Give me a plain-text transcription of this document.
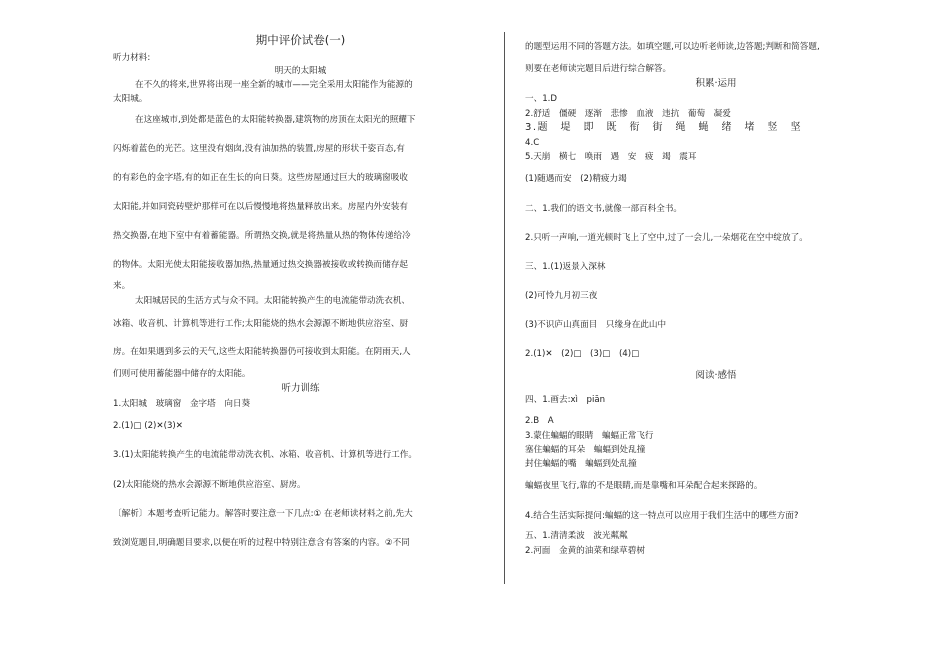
期中评价试卷(一)
听力材料:
明天的太阳城
在不久的将来,世界将出现一座全新的城市——完全采用太阳能作为能源的
太阳城。
在这座城市,到处都是蓝色的太阳能转换器,建筑物的房顶在太阳光的照耀下
闪烁着蓝色的光芒。这里没有烟囱,没有油加热的装置,房屋的形状千姿百态,有
的有彩色的金字塔,有的如正在生长的向日葵。这些房屋通过巨大的玻璃窗吸收
太阳能,并如同瓷砖壁炉那样可在以后慢慢地将热量释放出来。房屋内外安装有
热交换器,在地下室中有着蓄能器。所谓热交换,就是将热量从热的物体传递给冷
的物体。太阳光使太阳能接收器加热,热量通过热交换器被接收或转换而储存起
来。
太阳城居民的生活方式与众不同。太阳能转换产生的电流能带动洗衣机、
冰箱、收音机、计算机等进行工作;太阳能烧的热水会源源不断地供应浴室、厨
房。在如果遇到多云的天气,这些太阳能转换器仍可接收到太阳能。在阴雨天,人
们则可使用蓄能器中储存的太阳能。
听力训练
1.太阳城　玻璃窗　金字塔　向日葵
2.(1)□ (2)✕(3)✕
3.(1)太阳能转换产生的电流能带动洗衣机、冰箱、收音机、计算机等进行工作。
(2)太阳能烧的热水会源源不断地供应浴室、厨房。
〔解析〕本题考查听记能力。解答时要注意一下几点:① 在老师读材料之前,先大
致浏览题目,明确题目要求,以便在听的过程中特别注意含有答案的内容。②不同
的题型运用不同的答题方法。如填空题,可以边听老师读,边答题;判断和简答题,
则要在老师读完题目后进行综合解答。
积累·运用
一、1.D
2.舒适　僵硬　逐渐　悲惨　血液　违抗　葡萄　凝爱
3.题　堤　即　既　衔　街　绳　蝇　绪　堵　竖　坚
4.C
5.天崩　横七　唤雨　遇　安　疲　竭　震耳
(1)随遇而安　(2)精疲力竭
二、1.我们的语文书,就像一部百科全书。
2.只听一声响,一道光顿时飞上了空中,过了一会儿,一朵烟花在空中绽放了。
三、1.(1)返景入深林
(2)可怜九月初三夜
(3)不识庐山真面目　只缘身在此山中
2.(1)✕　(2)□　(3)□　(4)□
阅读·感悟
四、1.画去:xì　piān
2.B　A
3.蒙住蝙蝠的眼睛　蝙蝠正常飞行
塞住蝙蝠的耳朵　蝙蝠到处乱撞
封住蝙蝠的嘴　蝙蝠到处乱撞
蝙蝠夜里飞行,靠的不是眼睛,而是靠嘴和耳朵配合起来探路的。
4.结合生活实际提问:蝙蝠的这一特点可以应用于我们生活中的哪些方面?
五、1.清清柔波　波光粼粼
2.河面　金黄的油菜和绿草碧树
